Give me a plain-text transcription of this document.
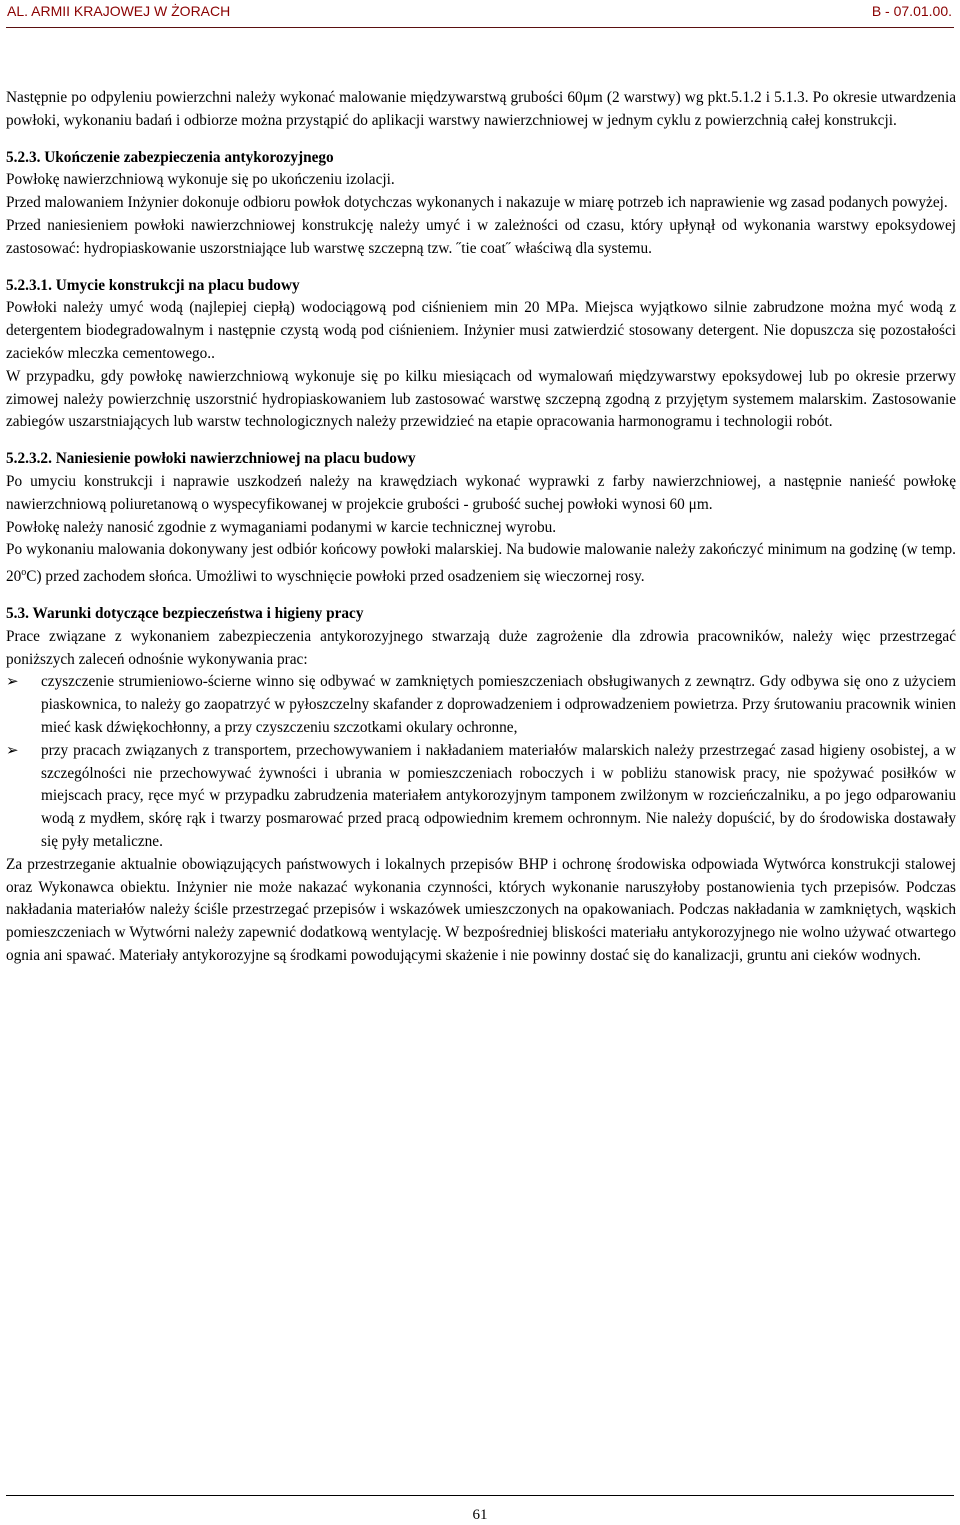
AL. ARMII KRAJOWEJ W ŻORACH	B - 07.01.00.

Następnie po odpyleniu powierzchni należy wykonać malowanie międzywarstwą grubości 60μm (2 warstwy) wg pkt.5.1.2 i 5.1.3. Po okresie utwardzenia powłoki, wykonaniu badań i odbiorze można przystąpić do aplikacji warstwy nawierzchniowej w jednym cyklu z powierzchnią całej konstrukcji.

5.2.3. Ukończenie zabezpieczenia antykorozyjnego

Powłokę nawierzchniową wykonuje się po ukończeniu izolacji.

Przed malowaniem Inżynier dokonuje odbioru powłok dotychczas wykonanych i nakazuje w miarę potrzeb ich naprawienie wg zasad podanych powyżej.

Przed naniesieniem powłoki nawierzchniowej konstrukcję należy umyć i w zależności od czasu, który upłynął od wykonania warstwy epoksydowej zastosować: hydropiaskowanie uszorstniające lub warstwę szczepną tzw. ˝tie coat˝ właściwą dla systemu.

5.2.3.1. Umycie konstrukcji na placu budowy

Powłoki należy umyć wodą (najlepiej ciepłą) wodociągową pod ciśnieniem min 20 MPa. Miejsca wyjątkowo silnie zabrudzone można myć wodą z detergentem biodegradowalnym i następnie czystą wodą pod ciśnieniem. Inżynier musi zatwierdzić stosowany detergent. Nie dopuszcza się pozostałości zacieków mleczka cementowego..

W przypadku, gdy powłokę nawierzchniową wykonuje się po kilku miesiącach od wymalowań międzywarstwy epoksydowej lub po okresie przerwy zimowej należy powierzchnię uszorstnić hydropiaskowaniem lub zastosować warstwę szczepną zgodną z przyjętym systemem malarskim. Zastosowanie zabiegów uszarstniających lub warstw technologicznych należy przewidzieć na etapie opracowania harmonogramu i technologii robót.

5.2.3.2. Naniesienie powłoki nawierzchniowej na placu budowy

Po umyciu konstrukcji i naprawie uszkodzeń należy na krawędziach wykonać wyprawki z farby nawierzchniowej, a następnie nanieść powłokę nawierzchniową poliuretanową o wyspecyfikowanej w projekcie grubości - grubość suchej powłoki wynosi 60 μm.

Powłokę należy nanosić zgodnie z wymaganiami podanymi w karcie technicznej wyrobu.

Po wykonaniu malowania dokonywany jest odbiór końcowy powłoki malarskiej. Na budowie malowanie należy zakończyć minimum na godzinę (w temp. 20$^o$C) przed zachodem słońca. Umożliwi to wyschnięcie powłoki przed osadzeniem się wieczornej rosy.

5.3. Warunki dotyczące bezpieczeństwa i higieny pracy

Prace związane z wykonaniem zabezpieczenia antykorozyjnego stwarzają duże zagrożenie dla zdrowia pracowników, należy więc przestrzegać poniższych zaleceń odnośnie wykonywania prac:

➢	czyszczenie strumieniowo-ścierne winno się odbywać w zamkniętych pomieszczeniach obsługiwanych z zewnątrz. Gdy odbywa się ono z użyciem piaskownica, to należy go zaopatrzyć w pyłoszczelny skafander z doprowadzeniem i odprowadzeniem powietrza. Przy śrutowaniu pracownik winien mieć kask dźwiękochłonny, a przy czyszczeniu szczotkami okulary ochronne,

➢	przy pracach związanych z transportem, przechowywaniem i nakładaniem materiałów malarskich należy przestrzegać zasad higieny osobistej, a w szczególności nie przechowywać żywności i ubrania w pomieszczeniach roboczych i w pobliżu stanowisk pracy, nie spożywać posiłków w miejscach pracy, ręce myć w przypadku zabrudzenia materiałem antykorozyjnym tamponem zwilżonym w rozcieńczalniku, a po jego odparowaniu wodą z mydłem, skórę rąk i twarzy posmarować przed pracą odpowiednim kremem ochronnym. Nie należy dopuścić, by do środowiska dostawały się pyły metaliczne.

Za przestrzeganie aktualnie obowiązujących państwowych i lokalnych przepisów BHP i ochronę środowiska odpowiada Wytwórca konstrukcji stalowej oraz Wykonawca obiektu. Inżynier nie może nakazać wykonania czynności, których wykonanie naruszyłoby postanowienia tych przepisów. Podczas nakładania materiałów należy ściśle przestrzegać przepisów i wskazówek umieszczonych na opakowaniach. Podczas nakładania w zamkniętych, wąskich pomieszczeniach w Wytwórni należy zapewnić dodatkową wentylację. W bezpośredniej bliskości materiału antykorozyjnego nie wolno używać otwartego ognia ani spawać. Materiały antykorozyjne są środkami powodującymi skażenie i nie powinny dostać się do kanalizacji, gruntu ani cieków wodnych.

61
